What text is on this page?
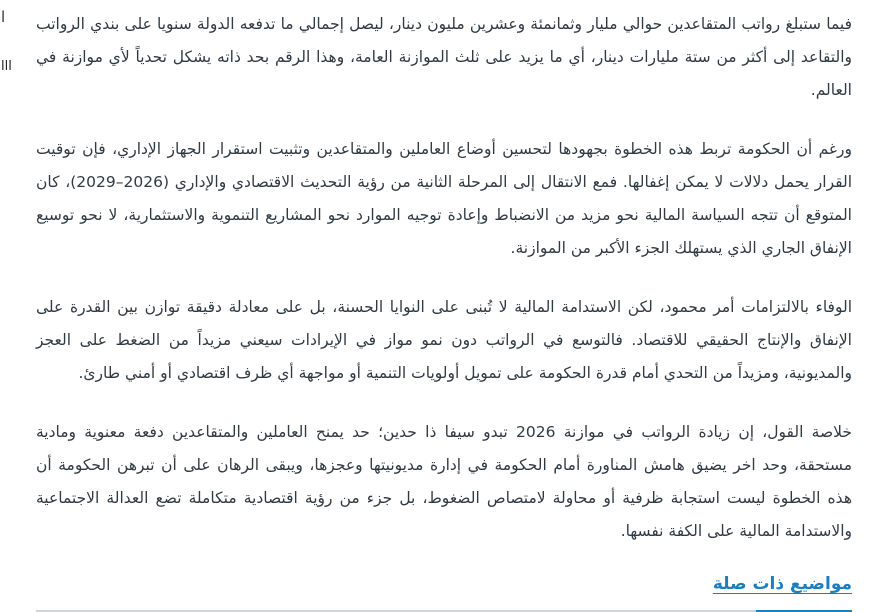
ا
ااا

فيما ستبلغ رواتب المتقاعدين حوالي مليار وثمانمئة وعشرين مليون دينار، ليصل إجمالي ما تدفعه الدولة سنويا على بندي الرواتب والتقاعد إلى أكثر من ستة مليارات دينار، أي ما يزيد على ثلث الموازنة العامة، وهذا الرقم بحد ذاته يشكل تحدياً لأي موازنة في العالم.

ورغم أن الحكومة تربط هذه الخطوة بجهودها لتحسين أوضاع العاملين والمتقاعدين وتثبيت استقرار الجهاز الإداري، فإن توقيت القرار يحمل دلالات لا يمكن إغفالها. فمع الانتقال إلى المرحلة الثانية من رؤية التحديث الاقتصادي والإداري (2026–2029)، كان المتوقع أن تتجه السياسة المالية نحو مزيد من الانضباط وإعادة توجيه الموارد نحو المشاريع التنموية والاستثمارية، لا نحو توسيع الإنفاق الجاري الذي يستهلك الجزء الأكبر من الموازنة.

الوفاء بالالتزامات أمر محمود، لكن الاستدامة المالية لا تُبنى على النوايا الحسنة، بل على معادلة دقيقة توازن بين القدرة على الإنفاق والإنتاج الحقيقي للاقتصاد. فالتوسع في الرواتب دون نمو مواز في الإيرادات سيعني مزيداً من الضغط على العجز والمديونية، ومزيداً من التحدي أمام قدرة الحكومة على تمويل أولويات التنمية أو مواجهة أي ظرف اقتصادي أو أمني طارئ.

خلاصة القول، إن زيادة الرواتب في موازنة 2026 تبدو سيفا ذا حدين؛ حد يمنح العاملين والمتقاعدين دفعة معنوية ومادية مستحقة، وحد اخر يضيق هامش المناورة أمام الحكومة في إدارة مديونيتها وعجزها، ويبقى الرهان على أن تبرهن الحكومة أن هذه الخطوة ليست استجابة ظرفية أو محاولة لامتصاص الضغوط، بل جزء من رؤية اقتصادية متكاملة تضع العدالة الاجتماعية والاستدامة المالية على الكفة نفسها.

مواضيع ذات صلة
